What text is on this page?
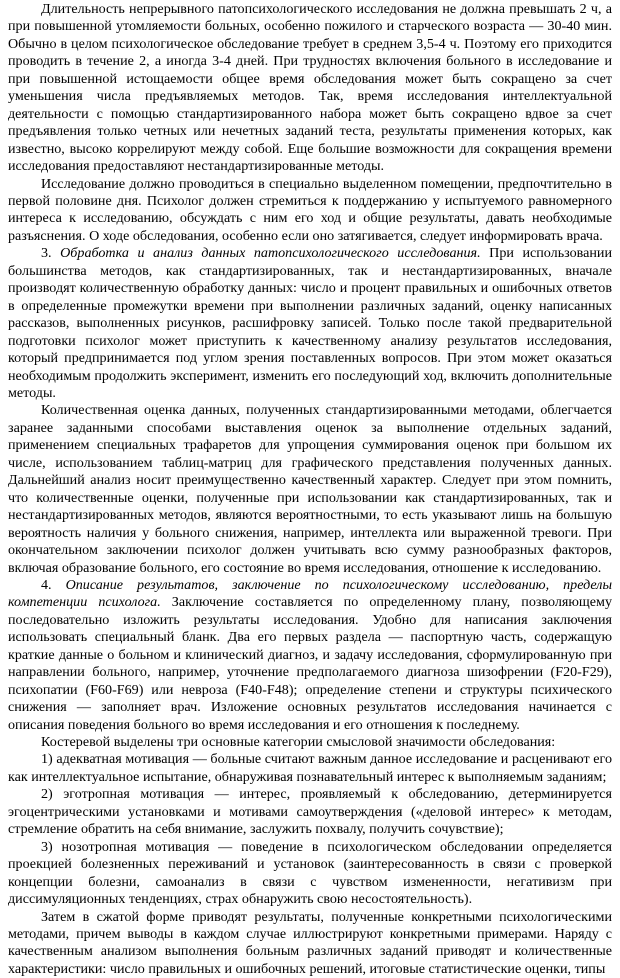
Длительность непрерывного патопсихологического исследования не должна превышать 2 ч, а при повышенной утомляемости больных, особенно пожилого и старческого возраста — 30-40 мин. Обычно в целом психологическое обследование требует в среднем 3,5-4 ч. Поэтому его приходится проводить в течение 2, а иногда 3-4 дней. При трудностях включения больного в исследование и при повышенной истощаемости общее время обследования может быть сокращено за счет уменьшения числа предъявляемых методов. Так, время исследования интеллектуальной деятельности с помощью стандартизированного набора может быть сокращено вдвое за счет предъявления только четных или нечетных заданий теста, результаты применения которых, как известно, высоко коррелируют между собой. Еще большие возможности для сокращения времени исследования предоставляют нестандартизированные методы.

Исследование должно проводиться в специально выделенном помещении, предпочтительно в первой половине дня. Психолог должен стремиться к поддержанию у испытуемого равномерного интереса к исследованию, обсуждать с ним его ход и общие результаты, давать необходимые разъяснения. О ходе обследования, особенно если оно затягивается, следует информировать врача.

3. Обработка и анализ данных патопсихологического исследования. При использовании большинства методов, как стандартизированных, так и нестандартизированных, вначале производят количественную обработку данных: число и процент правильных и ошибочных ответов в определенные промежутки времени при выполнении различных заданий, оценку написанных рассказов, выполненных рисунков, расшифровку записей. Только после такой предварительной подготовки психолог может приступить к качественному анализу результатов исследования, который предпринимается под углом зрения поставленных вопросов. При этом может оказаться необходимым продолжить эксперимент, изменить его последующий ход, включить дополнительные методы.

Количественная оценка данных, полученных стандартизированными методами, облегчается заранее заданными способами выставления оценок за выполнение отдельных заданий, применением специальных трафаретов для упрощения суммирования оценок при большом их числе, использованием таблиц-матриц для графического представления полученных данных. Дальнейший анализ носит преимущественно качественный характер. Следует при этом помнить, что количественные оценки, полученные при использовании как стандартизированных, так и нестандартизированных методов, являются вероятностными, то есть указывают лишь на большую вероятность наличия у больного снижения, например, интеллекта или выраженной тревоги. При окончательном заключении психолог должен учитывать всю сумму разнообразных факторов, включая образование больного, его состояние во время исследования, отношение к исследованию.

4. Описание результатов, заключение по психологическому исследованию, пределы компетенции психолога. Заключение составляется по определенному плану, позволяющему последовательно изложить результаты исследования. Удобно для написания заключения использовать специальный бланк. Два его первых раздела — паспортную часть, содержащую краткие данные о больном и клинический диагноз, и задачу исследования, сформулированную при направлении больного, например, уточнение предполагаемого диагноза шизофрении (F20-F29), психопатии (F60-F69) или невроза (F40-F48); определение степени и структуры психического снижения — заполняет врач. Изложение основных результатов исследования начинается с описания поведения больного во время исследования и его отношения к последнему.

Костеревой выделены три основные категории смысловой значимости обследования:

1) адекватная мотивация — больные считают важным данное исследование и расценивают его как интеллектуальное испытание, обнаруживая познавательный интерес к выполняемым заданиям;

2) эготропная мотивация — интерес, проявляемый к обследованию, детерминируется эгоцентрическими установками и мотивами самоутверждения («деловой интерес» к методам, стремление обратить на себя внимание, заслужить похвалу, получить сочувствие);

3) нозотропная мотивация — поведение в психологическом обследовании определяется проекцией болезненных переживаний и установок (заинтересованность в связи с проверкой концепции болезни, самоанализ в связи с чувством измененности, негативизм при диссимуляционных тенденциях, страх обнаружить свою несостоятельность).

Затем в сжатой форме приводят результаты, полученные конкретными психологическими методами, причем выводы в каждом случае иллюстрируют конкретными примерами. Наряду с качественным анализом выполнения больным различных заданий приводят и количественные характеристики: число правильных и ошибочных решений, итоговые статистические оценки, типы
